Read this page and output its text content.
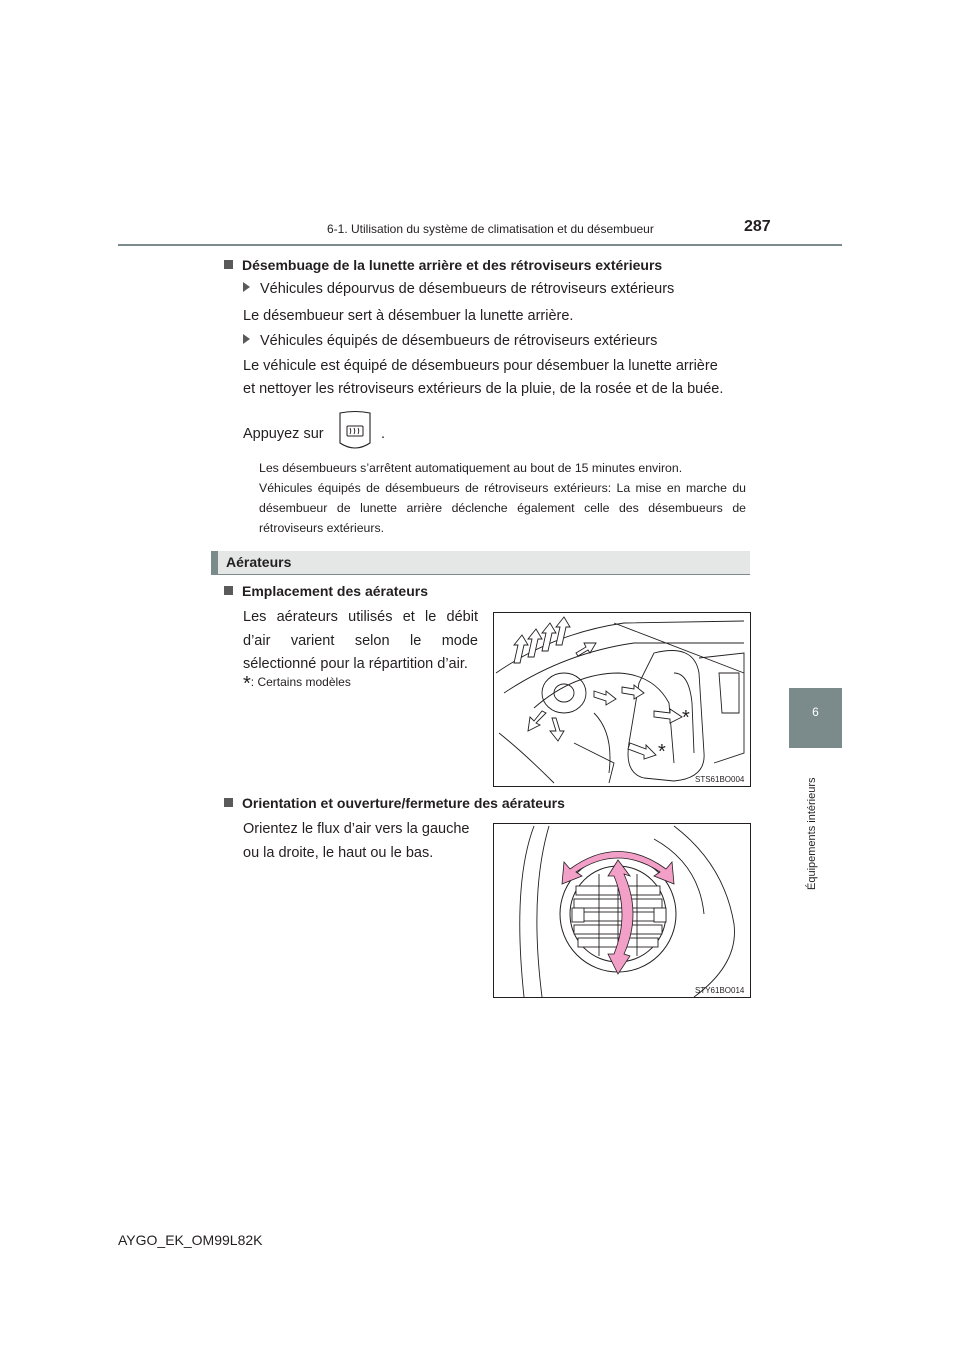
6-1. Utilisation du système de climatisation et du désembueur	287
6
Équipements intérieurs
Désembuage de la lunette arrière et des rétroviseurs extérieurs
Véhicules dépourvus de désembueurs de rétroviseurs extérieurs
Le désembueur sert à désembuer la lunette arrière.
Véhicules équipés de désembueurs de rétroviseurs extérieurs
Le véhicule est équipé de désembueurs pour désembuer la lunette arrière
et nettoyer les rétroviseurs extérieurs de la pluie, de la rosée et de la buée.
Appuyez sur	.
Les désembueurs s’arrêtent automatiquement au bout de 15 minutes environ.
Véhicules équipés de désembueurs de rétroviseurs extérieurs: La mise en marche du désembueur de lunette arrière déclenche également celle des désembueurs de rétroviseurs extérieurs.
Aérateurs
Emplacement des aérateurs
Les aérateurs utilisés et le débit d’air varient selon le mode sélectionné pour la répartition d’air.
*: Certains modèles
*
*
STS61BO004
Orientation et ouverture/fermeture des aérateurs
Orientez le flux d’air vers la gauche ou la droite, le haut ou le bas.
STY61BO014
AYGO_EK_OM99L82K
